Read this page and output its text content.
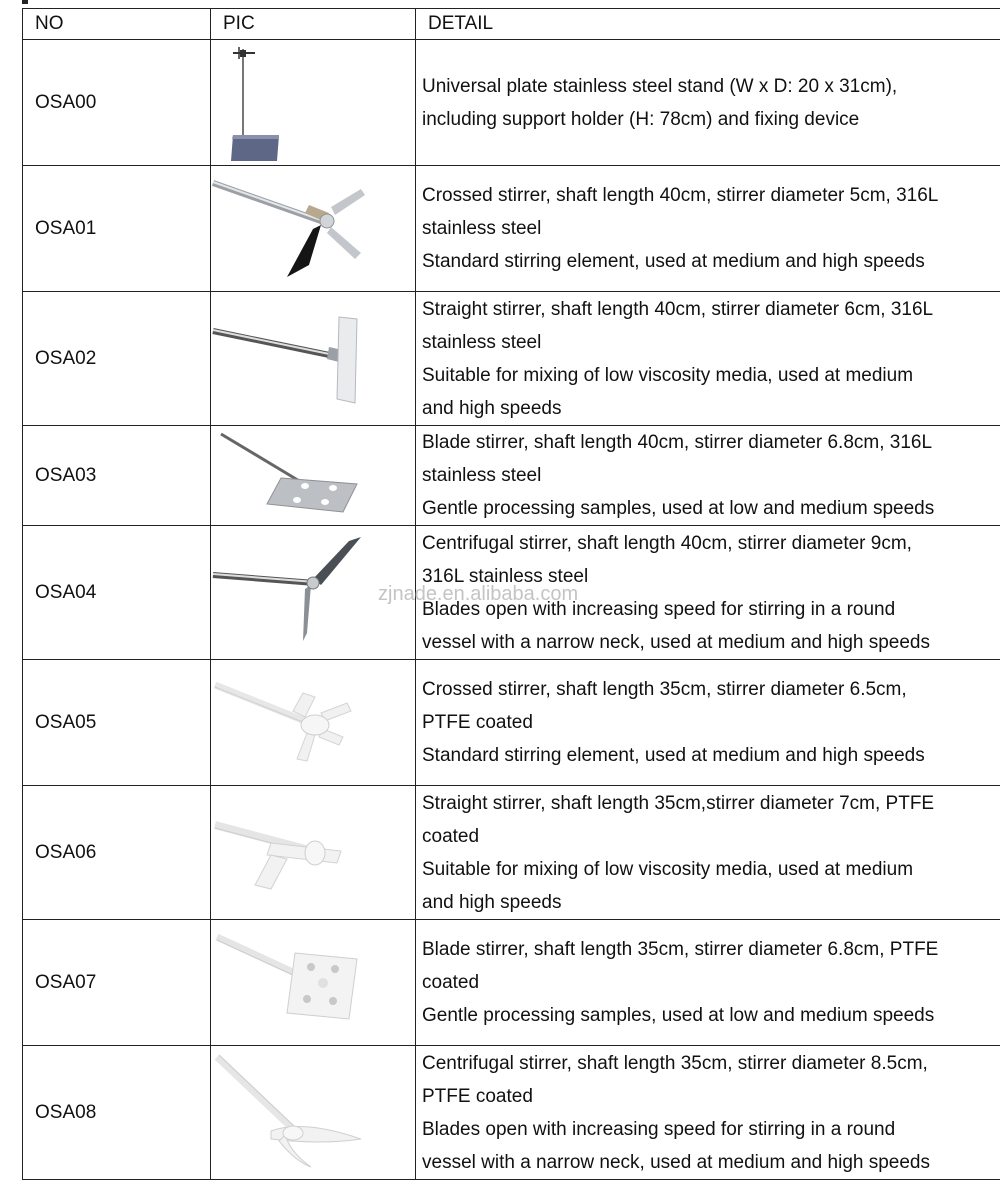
NO	PIC	DETAIL
OSA00		Universal plate stainless steel stand (W x D: 20 x 31cm),
including support holder (H: 78cm) and fixing device

OSA01		Crossed stirrer, shaft length 40cm, stirrer diameter 5cm, 316L
stainless steel
Standard stirring element, used at medium and high speeds

OSA02		Straight stirrer, shaft length 40cm, stirrer diameter 6cm, 316L
stainless steel
Suitable for mixing of low viscosity media, used at medium
and high speeds

OSA03		Blade stirrer, shaft length 40cm, stirrer diameter 6.8cm, 316L
stainless steel
Gentle processing samples, used at low and medium speeds

OSA04		Centrifugal stirrer, shaft length 40cm, stirrer diameter 9cm,
316L stainless steel
Blades open with increasing speed for stirring in a round
vessel with a narrow neck, used at medium and high speeds

OSA05		Crossed stirrer, shaft length 35cm, stirrer diameter 6.5cm,
PTFE coated
Standard stirring element, used at medium and high speeds

OSA06		Straight stirrer, shaft length 35cm,stirrer diameter 7cm, PTFE
coated
Suitable for mixing of low viscosity media, used at medium
and high speeds

OSA07		Blade stirrer, shaft length 35cm, stirrer diameter 6.8cm, PTFE
coated
Gentle processing samples, used at low and medium speeds

OSA08		Centrifugal stirrer, shaft length 35cm, stirrer diameter 8.5cm,
PTFE coated
Blades open with increasing speed for stirring in a round
vessel with a narrow neck, used at medium and high speeds
zjnade.en.alibaba.com
